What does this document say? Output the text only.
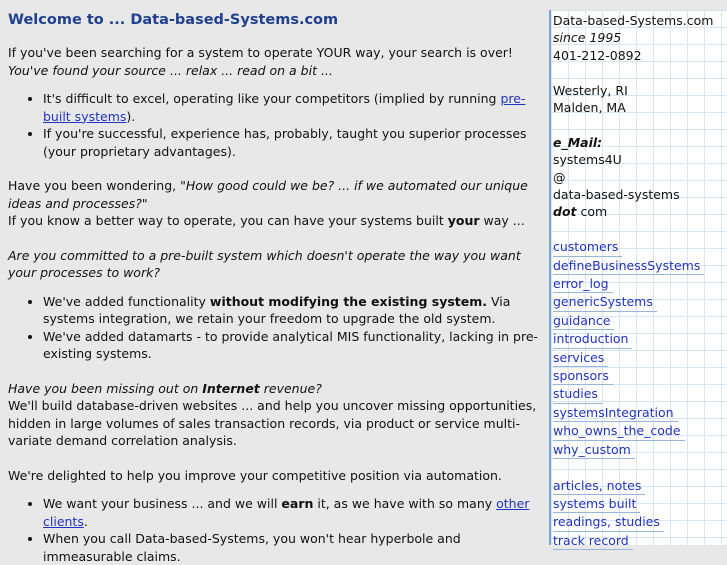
Welcome to ... Data-based-Systems.com

If you've been searching for a system to operate YOUR way, your search is over!
You've found your source ... relax ... read on a bit ...

• It's difficult to excel, operating like your competitors (implied by running pre-built systems).
• If you're successful, experience has, probably, taught you superior processes (your proprietary advantages).

Have you been wondering, "How good could we be? ... if we automated our unique ideas and processes?"
If you know a better way to operate, you can have your systems built your way ...

Are you committed to a pre-built system which doesn't operate the way you want your processes to work?

• We've added functionality without modifying the existing system. Via systems integration, we retain your freedom to upgrade the old system.
• We've added datamarts - to provide analytical MIS functionality, lacking in pre-existing systems.

Have you been missing out on Internet revenue?
We'll build database-driven websites ... and help you uncover missing opportunities, hidden in large volumes of sales transaction records, via product or service multi-variate demand correlation analysis.

We're delighted to help you improve your competitive position via automation.

• We want your business ... and we will earn it, as we have with so many other clients.
• When you call Data-based-Systems, you won't hear hyperbole and immeasurable claims.
Data-based-Systems.com
since 1995
401-212-0892
Westerly, RI
Malden, MA
e_Mail:
systems4U
@
data-based-systems
dot com
customers
defineBusinessSystems
error_log
genericSystems
guidance
introduction
services
sponsors
studies
systemsIntegration
who_owns_the_code
why_custom
articles, notes
systems built
readings, studies
track record
